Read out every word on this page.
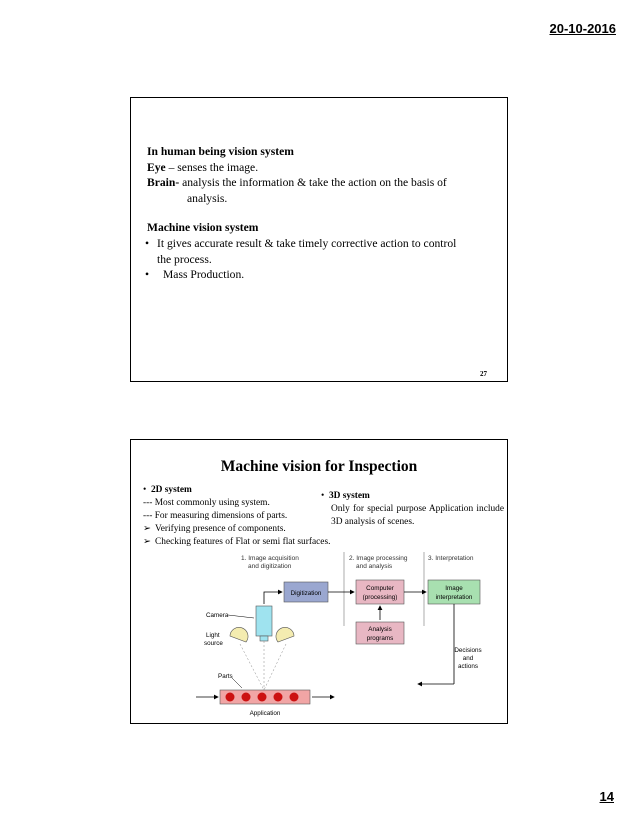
20-10-2016
In human being vision system
Eye – senses the image.
Brain- analysis the information & take the action on the basis of
analysis.
Machine vision system
• It gives accurate result & take timely corrective action to control
the process.
• Mass Production.
27
Machine vision for Inspection
• 2D system
--- Most commonly using system.
--- For measuring dimensions of parts.
➢ Verifying presence of components.
➢ Checking features of Flat or semi flat surfaces.
• 3D system
Only for special purpose Application include 3D analysis of scenes.
1. Image acquisition
and digitization
2. Image processing
and analysis
3. Interpretation
Digitization
Computer
(processing)
Analysis
programs
Image
interpretation
Decisions
and
actions
Camera
Light
source
Parts
Application
14
